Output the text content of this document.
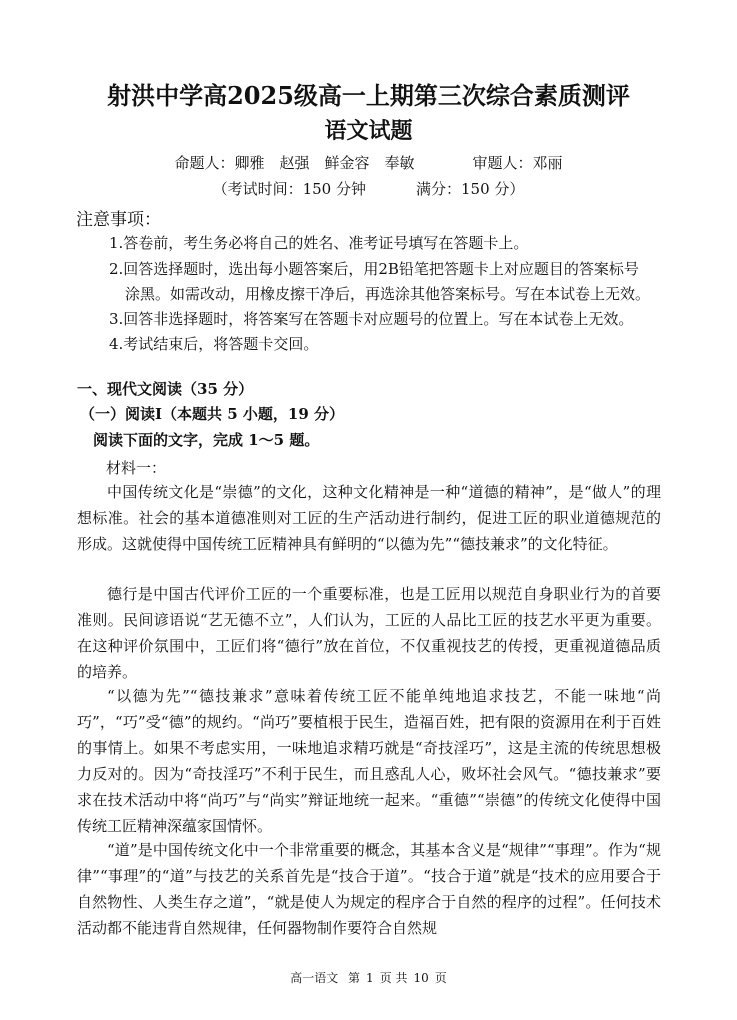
射洪中学高2025级高一上期第三次综合素质测评
语文试题
命题人：卿雅　赵强　鲜金容　奉敏	审题人：邓丽
（考试时间：150 分钟	满分：150 分）
注意事项：
1.答卷前，考生务必将自己的姓名、准考证号填写在答题卡上。
2.回答选择题时，选出每小题答案后，用2B铅笔把答题卡上对应题目的答案标号
涂黑。如需改动，用橡皮擦干净后，再选涂其他答案标号。写在本试卷上无效。
3.回答非选择题时，将答案写在答题卡对应题号的位置上。写在本试卷上无效。
4.考试结束后，将答题卡交回。
一、现代文阅读（35 分）
（一）阅读Ⅰ（本题共 5 小题，19 分）
阅读下面的文字，完成 1～5 题。
材料一：

中国传统文化是“崇德”的文化，这种文化精神是一种“道德的精神”，是“做人”的理想标准。社会的基本道德准则对工匠的生产活动进行制约，促进工匠的职业道德规范的形成。这就使得中国传统工匠精神具有鲜明的“以德为先”“德技兼求”的文化特征。

德行是中国古代评价工匠的一个重要标准，也是工匠用以规范自身职业行为的首要准则。民间谚语说“艺无德不立”，人们认为，工匠的人品比工匠的技艺水平更为重要。在这种评价氛围中，工匠们将“德行”放在首位，不仅重视技艺的传授，更重视道德品质的培养。

“以德为先”“德技兼求”意味着传统工匠不能单纯地追求技艺，不能一味地“尚巧”，“巧”受“德”的规约。“尚巧”要植根于民生，造福百姓，把有限的资源用在利于百姓的事情上。如果不考虑实用，一味地追求精巧就是“奇技淫巧”，这是主流的传统思想极力反对的。因为“奇技淫巧”不利于民生，而且惑乱人心，败坏社会风气。“德技兼求”要求在技术活动中将“尚巧”与“尚实”辩证地统一起来。“重德”“崇德”的传统文化使得中国传统工匠精神深蕴家国情怀。

“道”是中国传统文化中一个非常重要的概念，其基本含义是“规律”“事理”。作为“规律”“事理”的“道”与技艺的关系首先是“技合于道”。“技合于道”就是“技术的应用要合于自然物性、人类生存之道”，“就是使人为规定的程序合于自然的程序的过程”。任何技术活动都不能违背自然规律，任何器物制作要符合自然规

高一语文 第 1 页 共 10 页
